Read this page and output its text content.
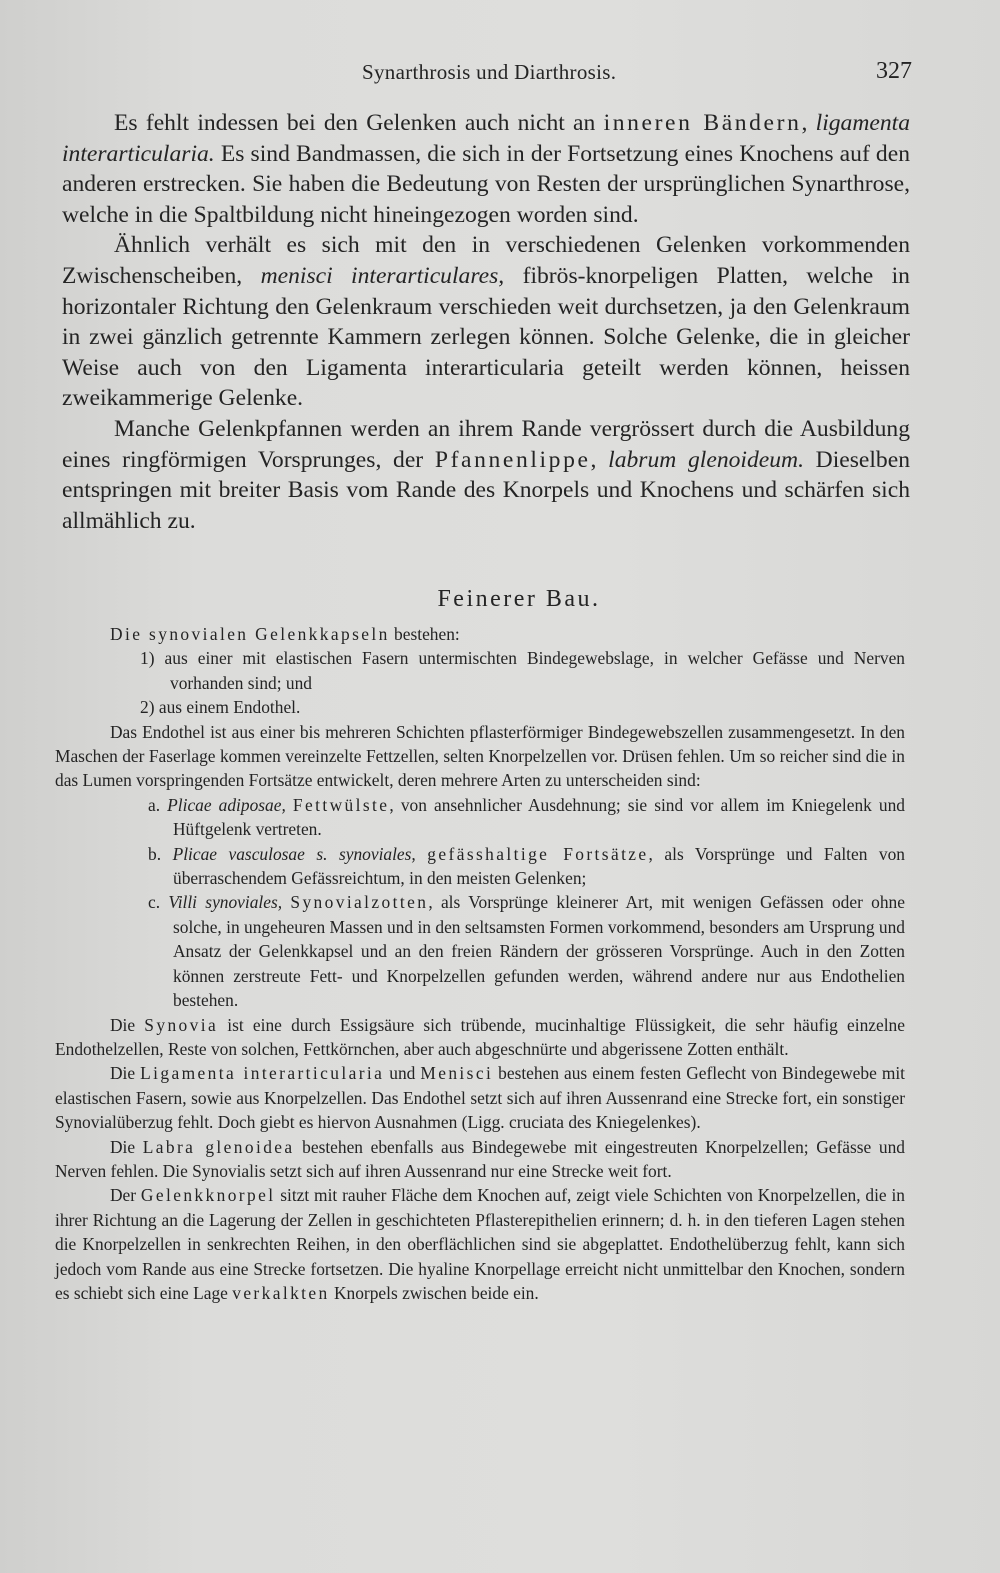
Synarthrosis und Diarthrosis.	327

Es fehlt indessen bei den Gelenken auch nicht an inneren Bändern, ligamenta interarticularia. Es sind Bandmassen, die sich in der Fortsetzung eines Knochens auf den anderen erstrecken. Sie haben die Bedeutung von Resten der ursprünglichen Synarthrose, welche in die Spaltbildung nicht hineingezogen worden sind.

Ähnlich verhält es sich mit den in verschiedenen Gelenken vorkommenden Zwischenscheiben, menisci interarticulares, fibrös-knorpeligen Platten, welche in horizontaler Richtung den Gelenkraum verschieden weit durchsetzen, ja den Gelenkraum in zwei gänzlich getrennte Kammern zerlegen können. Solche Gelenke, die in gleicher Weise auch von den Ligamenta interarticularia geteilt werden können, heissen zweikammerige Gelenke.

Manche Gelenkpfannen werden an ihrem Rande vergrössert durch die Ausbildung eines ringförmigen Vorsprunges, der Pfannenlippe, labrum glenoideum. Dieselben entspringen mit breiter Basis vom Rande des Knorpels und Knochens und schärfen sich allmählich zu.

Feinerer Bau.

Die synovialen Gelenkkapseln bestehen:

1) aus einer mit elastischen Fasern untermischten Bindegewebslage, in welcher Gefässe und Nerven vorhanden sind; und

2) aus einem Endothel.

Das Endothel ist aus einer bis mehreren Schichten pflasterförmiger Bindegewebszellen zusammengesetzt. In den Maschen der Faserlage kommen vereinzelte Fettzellen, selten Knorpelzellen vor. Drüsen fehlen. Um so reicher sind die in das Lumen vorspringenden Fortsätze entwickelt, deren mehrere Arten zu unterscheiden sind:

a. Plicae adiposae, Fettwülste, von ansehnlicher Ausdehnung; sie sind vor allem im Kniegelenk und Hüftgelenk vertreten.

b. Plicae vasculosae s. synoviales, gefässhaltige Fortsätze, als Vorsprünge und Falten von überraschendem Gefässreichtum, in den meisten Gelenken;

c. Villi synoviales, Synovialzotten, als Vorsprünge kleinerer Art, mit wenigen Gefässen oder ohne solche, in ungeheuren Massen und in den seltsamsten Formen vorkommend, besonders am Ursprung und Ansatz der Gelenkkapsel und an den freien Rändern der grösseren Vorsprünge. Auch in den Zotten können zerstreute Fett- und Knorpelzellen gefunden werden, während andere nur aus Endothelien bestehen.

Die Synovia ist eine durch Essigsäure sich trübende, mucinhaltige Flüssigkeit, die sehr häufig einzelne Endothelzellen, Reste von solchen, Fettkörnchen, aber auch abgeschnürte und abgerissene Zotten enthält.

Die Ligamenta interarticularia und Menisci bestehen aus einem festen Geflecht von Bindegewebe mit elastischen Fasern, sowie aus Knorpelzellen. Das Endothel setzt sich auf ihren Aussenrand eine Strecke fort, ein sonstiger Synovialüberzug fehlt. Doch giebt es hiervon Ausnahmen (Ligg. cruciata des Kniegelenkes).

Die Labra glenoidea bestehen ebenfalls aus Bindegewebe mit eingestreuten Knorpelzellen; Gefässe und Nerven fehlen. Die Synovialis setzt sich auf ihren Aussenrand nur eine Strecke weit fort.

Der Gelenkknorpel sitzt mit rauher Fläche dem Knochen auf, zeigt viele Schichten von Knorpelzellen, die in ihrer Richtung an die Lagerung der Zellen in geschichteten Pflasterepithelien erinnern; d. h. in den tieferen Lagen stehen die Knorpelzellen in senkrechten Reihen, in den oberflächlichen sind sie abgeplattet. Endothelüberzug fehlt, kann sich jedoch vom Rande aus eine Strecke fortsetzen. Die hyaline Knorpellage erreicht nicht unmittelbar den Knochen, sondern es schiebt sich eine Lage verkalkten Knorpels zwischen beide ein.
